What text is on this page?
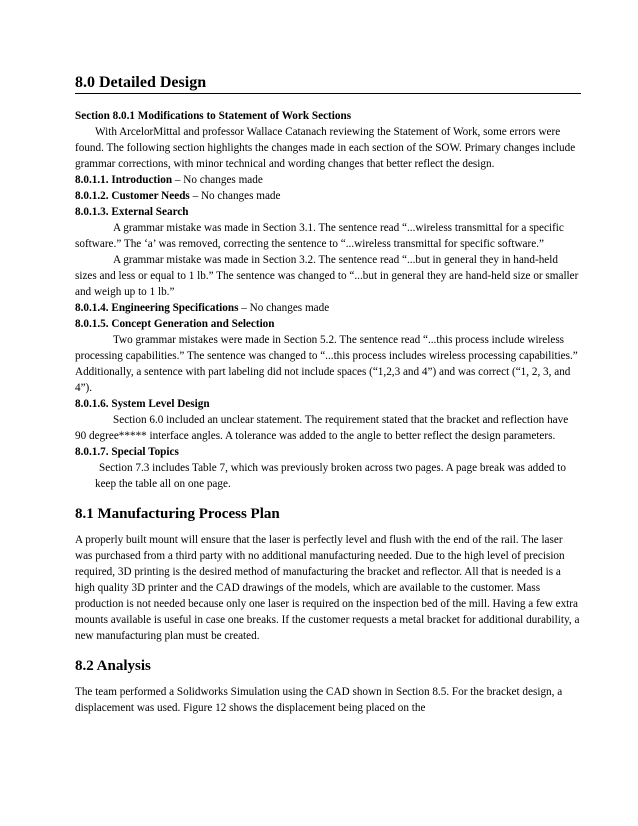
8.0 Detailed Design

Section 8.0.1 Modifications to Statement of Work Sections

With ArcelorMittal and professor Wallace Catanach reviewing the Statement of Work, some errors were found. The following section highlights the changes made in each section of the SOW. Primary changes include grammar corrections, with minor technical and wording changes that better reflect the design.

8.0.1.1. Introduction – No changes made

8.0.1.2. Customer Needs – No changes made

8.0.1.3. External Search

A grammar mistake was made in Section 3.1. The sentence read “...wireless transmittal for a specific software.” The ‘a’ was removed, correcting the sentence to “...wireless transmittal for specific software.”

A grammar mistake was made in Section 3.2. The sentence read “...but in general they in hand-held sizes and less or equal to 1 lb.” The sentence was changed to “...but in general they are hand-held size or smaller and weigh up to 1 lb.”

8.0.1.4. Engineering Specifications – No changes made

8.0.1.5. Concept Generation and Selection

Two grammar mistakes were made in Section 5.2. The sentence read “...this process include wireless processing capabilities.” The sentence was changed to “...this process includes wireless processing capabilities.” Additionally, a sentence with part labeling did not include spaces (“1,2,3 and 4”) and was correct (“1, 2, 3, and 4”).

8.0.1.6. System Level Design

Section 6.0 included an unclear statement. The requirement stated that the bracket and reflection have 90 degree***** interface angles. A tolerance was added to the angle to better reflect the design parameters.

8.0.1.7. Special Topics

Section 7.3 includes Table 7, which was previously broken across two pages. A page break was added to keep the table all on one page.

8.1 Manufacturing Process Plan

A properly built mount will ensure that the laser is perfectly level and flush with the end of the rail. The laser was purchased from a third party with no additional manufacturing needed. Due to the high level of precision required, 3D printing is the desired method of manufacturing the bracket and reflector. All that is needed is a high quality 3D printer and the CAD drawings of the models, which are available to the customer. Mass production is not needed because only one laser is required on the inspection bed of the mill. Having a few extra mounts available is useful in case one breaks. If the customer requests a metal bracket for additional durability, a new manufacturing plan must be created.

8.2 Analysis

The team performed a Solidworks Simulation using the CAD shown in Section 8.5. For the bracket design, a displacement was used. Figure 12 shows the displacement being placed on the
